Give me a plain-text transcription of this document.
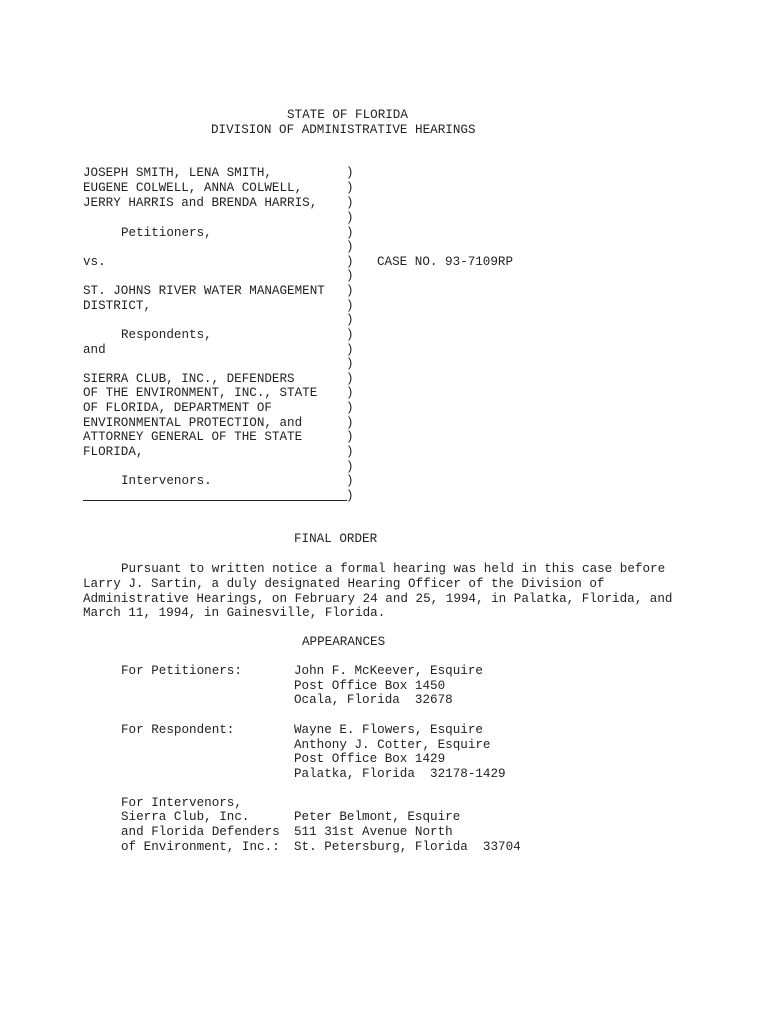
STATE OF FLORIDA
DIVISION OF ADMINISTRATIVE HEARINGS
JOSEPH SMITH, LENA SMITH,
EUGENE COLWELL, ANNA COLWELL,
JERRY HARRIS and BRENDA HARRIS,
Petitioners,
vs.
ST. JOHNS RIVER WATER MANAGEMENT
DISTRICT,
Respondents,
and
SIERRA CLUB, INC., DEFENDERS
OF THE ENVIRONMENT, INC., STATE
OF FLORIDA, DEPARTMENT OF
ENVIRONMENTAL PROTECTION, and
ATTORNEY GENERAL OF THE STATE
FLORIDA,
Intervenors.
)
)
)
)
)
)
)
)
)
)
)
)
)
)
)
)
)
)
)
)
)
)
)
CASE NO. 93-7109RP
FINAL ORDER
Pursuant to written notice a formal hearing was held in this case before
Larry J. Sartin, a duly designated Hearing Officer of the Division of
Administrative Hearings, on February 24 and 25, 1994, in Palatka, Florida, and
March 11, 1994, in Gainesville, Florida.
APPEARANCES
For Petitioners:	John F. McKeever, Esquire
Post Office Box 1450
Ocala, Florida  32678
For Respondent:	Wayne E. Flowers, Esquire
Anthony J. Cotter, Esquire
Post Office Box 1429
Palatka, Florida  32178-1429
For Intervenors,
Sierra Club, Inc.
and Florida Defenders
of Environment, Inc.:
Peter Belmont, Esquire
511 31st Avenue North
St. Petersburg, Florida  33704
